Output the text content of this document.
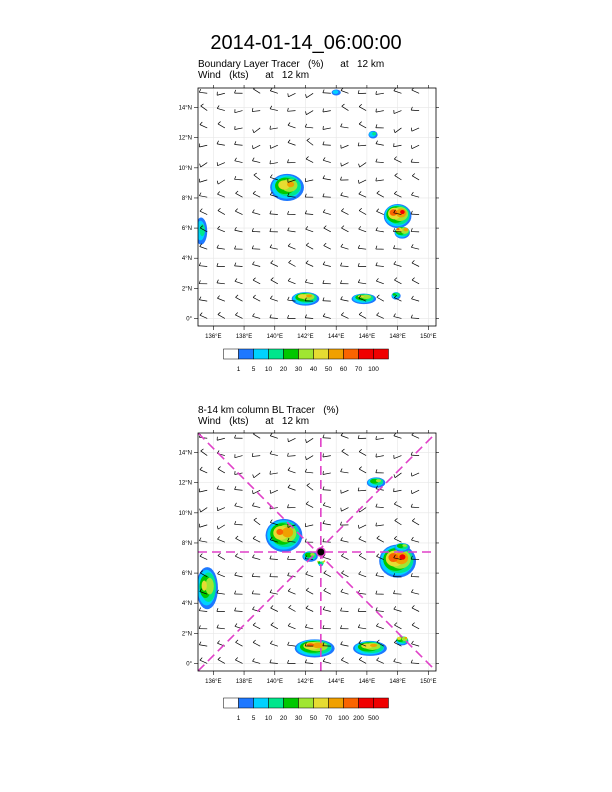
2014-01-14_06:00:00
Boundary Layer Tracer   (%)      at   12 km
Wind   (kts)      at   12 km
8-14 km column BL Tracer   (%)
Wind   (kts)      at   12 km
136°E 138°E 140°E 142°E 144°E 146°E 148°E 150°E
0°
2°N
4°N
6°N
8°N
10°N
12°N
14°N
1 5 10 20 30 40 50 60 70 100
136°E 138°E 140°E 142°E 144°E 146°E 148°E 150°E
0°
2°N
4°N
6°N
8°N
10°N
12°N
14°N
1 5 10 20 30 50 70 100 200 500
